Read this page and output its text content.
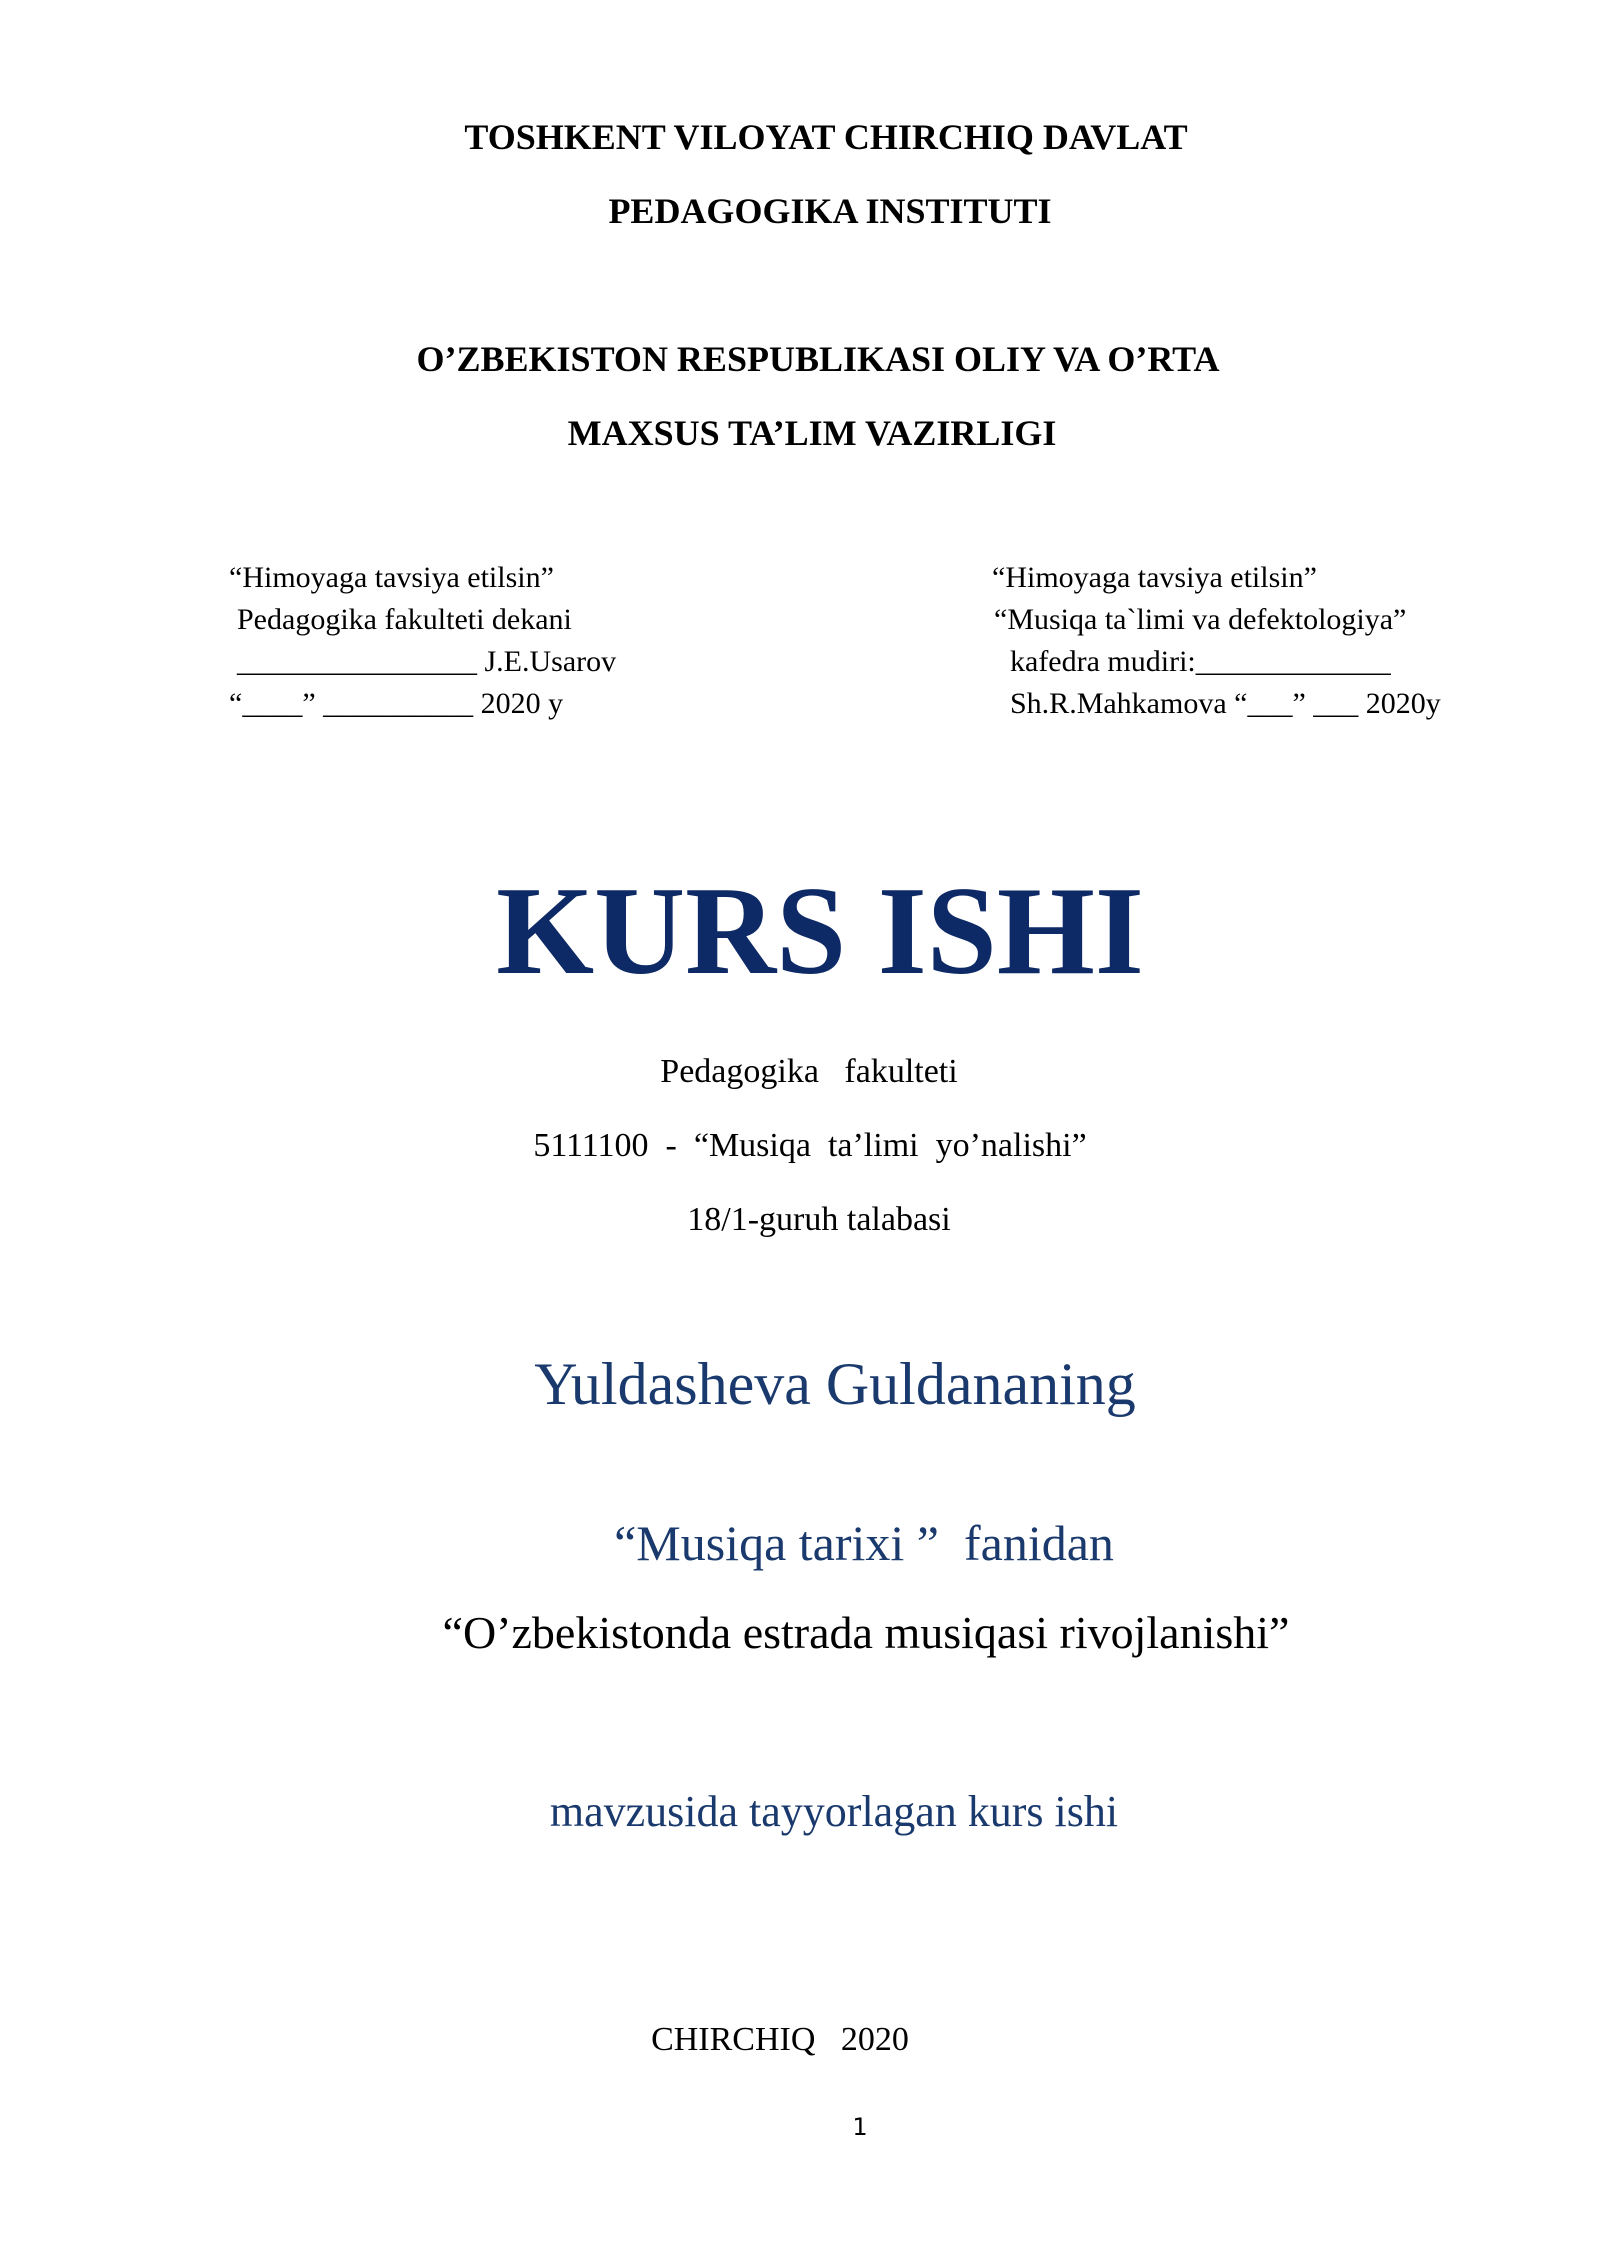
TOSHKENT VILOYAT CHIRCHIQ DAVLAT
PEDAGOGIKA INSTITUTI
O’ZBEKISTON RESPUBLIKASI OLIY VA O’RTA
MAXSUS TA’LIM VAZIRLIGI
“Himoyaga tavsiya etilsin”
Pedagogika fakulteti dekani
________________ J.E.Usarov
“____” __________ 2020 y
“Himoyaga tavsiya etilsin”
“Musiqa ta`limi va defektologiya”
kafedra mudiri:_____________
Sh.R.Mahkamova “___” ___ 2020y
KURS ISHI
Pedagogika   fakulteti
5111100  -  “Musiqa  ta’limi  yo’nalishi”
18/1-guruh talabasi
Yuldasheva Guldananing
“Musiqa tarixi ”  fanidan
“O’zbekistonda estrada musiqasi rivojlanishi”
mavzusida tayyorlagan kurs ishi
CHIRCHIQ   2020
1
